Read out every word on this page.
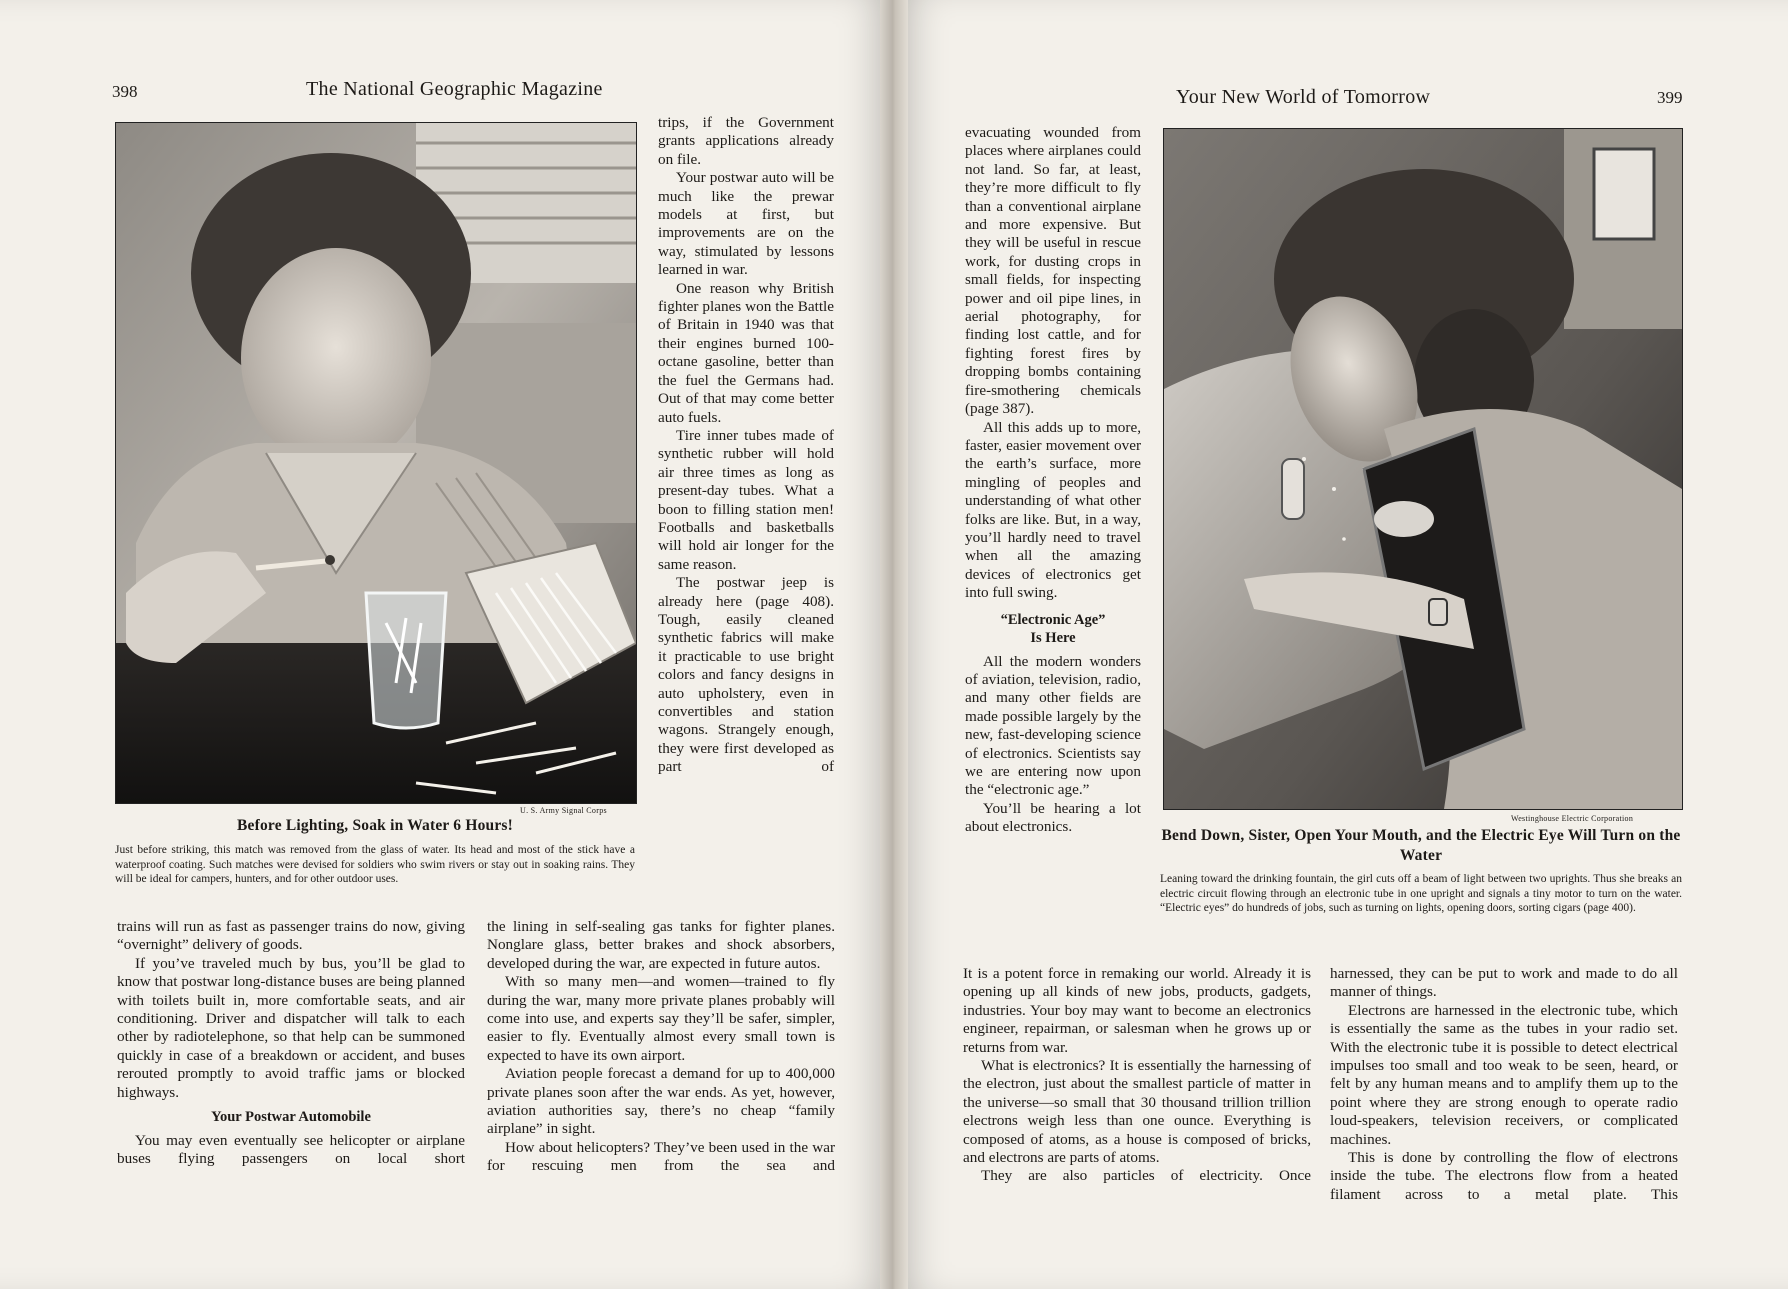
398	The National Geographic Magazine
U. S. Army Signal Corps
Before Lighting, Soak in Water 6 Hours!

Just before striking, this match was removed from the glass of water. Its head and most of the stick have a waterproof coating. Such matches were devised for soldiers who swim rivers or stay out in soaking rains. They will be ideal for campers, hunters, and for other outdoor uses.

trips, if the Government grants applications already on file.

Your postwar auto will be much like the prewar models at first, but improvements are on the way, stimulated by lessons learned in war.

One reason why British fighter planes won the Battle of Britain in 1940 was that their engines burned 100-octane gasoline, better than the fuel the Germans had. Out of that may come better auto fuels.

Tire inner tubes made of synthetic rubber will hold air three times as long as present-day tubes. What a boon to filling station men! Footballs and basketballs will hold air longer for the same reason.

The postwar jeep is already here (page 408). Tough, easily cleaned synthetic fabrics will make it practicable to use bright colors and fancy designs in auto upholstery, even in convertibles and station wagons. Strangely enough, they were first developed as part of

trains will run as fast as passenger trains do now, giving “overnight” delivery of goods.

If you’ve traveled much by bus, you’ll be glad to know that postwar long-distance buses are being planned with toilets built in, more comfortable seats, and air conditioning. Driver and dispatcher will talk to each other by radiotelephone, so that help can be summoned quickly in case of a breakdown or accident, and buses rerouted promptly to avoid traffic jams or blocked highways.

Your Postwar Automobile

You may even eventually see helicopter or airplane buses flying passengers on local short

the lining in self-sealing gas tanks for fighter planes. Nonglare glass, better brakes and shock absorbers, developed during the war, are expected in future autos.

With so many men—and women—trained to fly during the war, many more private planes probably will come into use, and experts say they’ll be safer, simpler, easier to fly. Eventually almost every small town is expected to have its own airport.

Aviation people forecast a demand for up to 400,000 private planes soon after the war ends. As yet, however, aviation authorities say, there’s no cheap “family airplane” in sight.

How about helicopters? They’ve been used in the war for rescuing men from the sea and

Your New World of Tomorrow	399

evacuating wounded from places where airplanes could not land. So far, at least, they’re more difficult to fly than a conventional airplane and more expensive. But they will be useful in rescue work, for dusting crops in small fields, for inspecting power and oil pipe lines, in aerial photography, for finding lost cattle, and for fighting forest fires by dropping bombs containing fire-smothering chemicals (page 387).

All this adds up to more, faster, easier movement over the earth’s surface, more mingling of peoples and understanding of what other folks are like. But, in a way, you’ll hardly need to travel when all the amazing devices of electronics get into full swing.

“Electronic Age”

Is Here

All the modern wonders of aviation, television, radio, and many other fields are made possible largely by the new, fast-developing science of electronics. Scientists say we are entering now upon the “electronic age.”

You’ll be hearing a lot about electronics.	Westinghouse Electric Corporation
Bend Down, Sister, Open Your Mouth, and the Electric Eye Will Turn on the Water

Leaning toward the drinking fountain, the girl cuts off a beam of light between two uprights. Thus she breaks an electric circuit flowing through an electronic tube in one upright and signals a tiny motor to turn on the water. “Electric eyes” do hundreds of jobs, such as turning on lights, opening doors, sorting cigars (page 400).

It is a potent force in remaking our world. Already it is opening up all kinds of new jobs, products, gadgets, industries. Your boy may want to become an electronics engineer, repairman, or salesman when he grows up or returns from war.

What is electronics? It is essentially the harnessing of the electron, just about the smallest particle of matter in the universe—so small that 30 thousand trillion trillion electrons weigh less than one ounce. Everything is composed of atoms, as a house is composed of bricks, and electrons are parts of atoms.

They are also particles of electricity. Once

harnessed, they can be put to work and made to do all manner of things.

Electrons are harnessed in the electronic tube, which is essentially the same as the tubes in your radio set. With the electronic tube it is possible to detect electrical impulses too small and too weak to be seen, heard, or felt by any human means and to amplify them up to the point where they are strong enough to operate radio loud-speakers, television receivers, or complicated machines.

This is done by controlling the flow of electrons inside the tube. The electrons flow from a heated filament across to a metal plate. This
